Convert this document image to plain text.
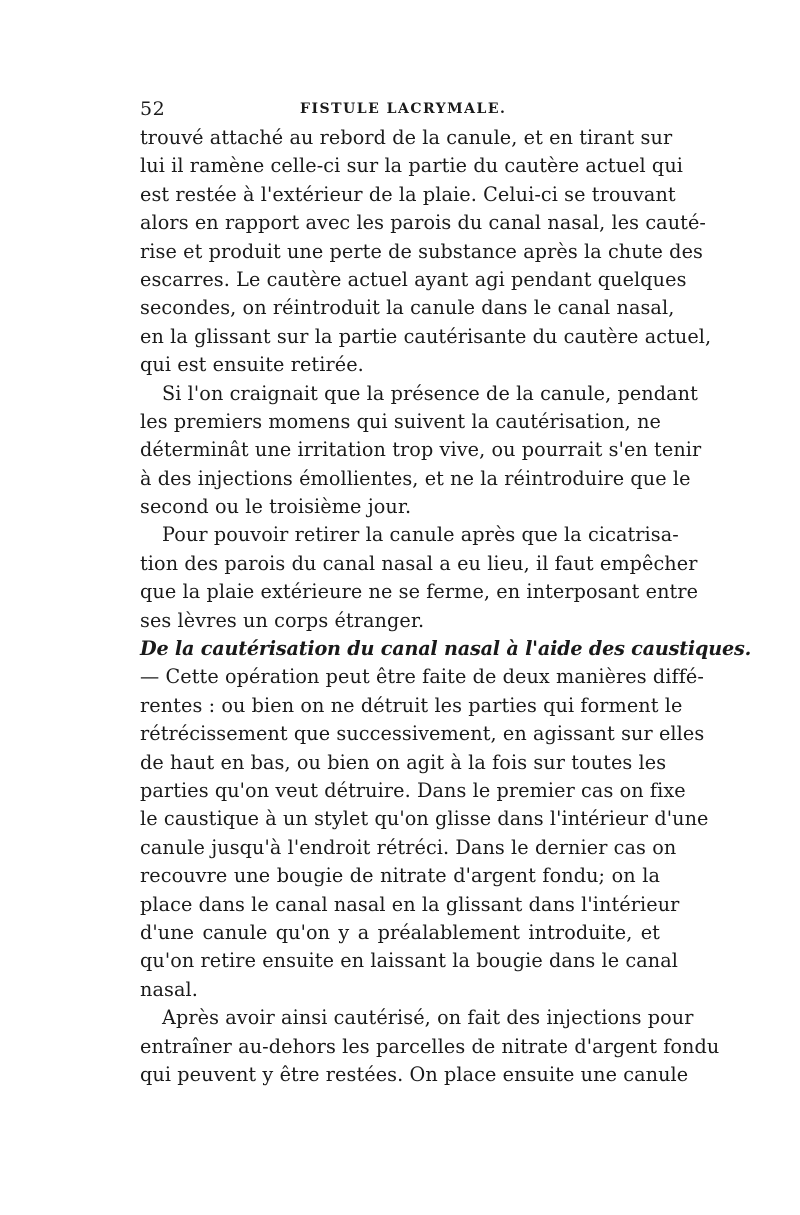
52	FISTULE LACRYMALE.
trouvé attaché au rebord de la canule, et en tirant sur
lui il ramène celle-ci sur la partie du cautère actuel qui
est restée à l'extérieur de la plaie. Celui-ci se trouvant
alors en rapport avec les parois du canal nasal, les cauté-
rise et produit une perte de substance après la chute des
escarres. Le cautère actuel ayant agi pendant quelques
secondes, on réintroduit la canule dans le canal nasal,
en la glissant sur la partie cautérisante du cautère actuel,
qui est ensuite retirée.
Si l'on craignait que la présence de la canule, pendant
les premiers momens qui suivent la cautérisation, ne
déterminât une irritation trop vive, ou pourrait s'en tenir
à des injections émollientes, et ne la réintroduire que le
second ou le troisième jour.
Pour pouvoir retirer la canule après que la cicatrisa-
tion des parois du canal nasal a eu lieu, il faut empêcher
que la plaie extérieure ne se ferme, en interposant entre
ses lèvres un corps étranger.
De la cautérisation du canal nasal à l'aide des caustiques.
— Cette opération peut être faite de deux manières diffé-
rentes : ou bien on ne détruit les parties qui forment le
rétrécissement que successivement, en agissant sur elles
de haut en bas, ou bien on agit à la fois sur toutes les
parties qu'on veut détruire. Dans le premier cas on fixe
le caustique à un stylet qu'on glisse dans l'intérieur d'une
canule jusqu'à l'endroit rétréci. Dans le dernier cas on
recouvre une bougie de nitrate d'argent fondu; on la
place dans le canal nasal en la glissant dans l'intérieur
d'une canule qu'on y a préalablement introduite, et
qu'on retire ensuite en laissant la bougie dans le canal
nasal.
Après avoir ainsi cautérisé, on fait des injections pour
entraîner au-dehors les parcelles de nitrate d'argent fondu
qui peuvent y être restées. On place ensuite une canule
